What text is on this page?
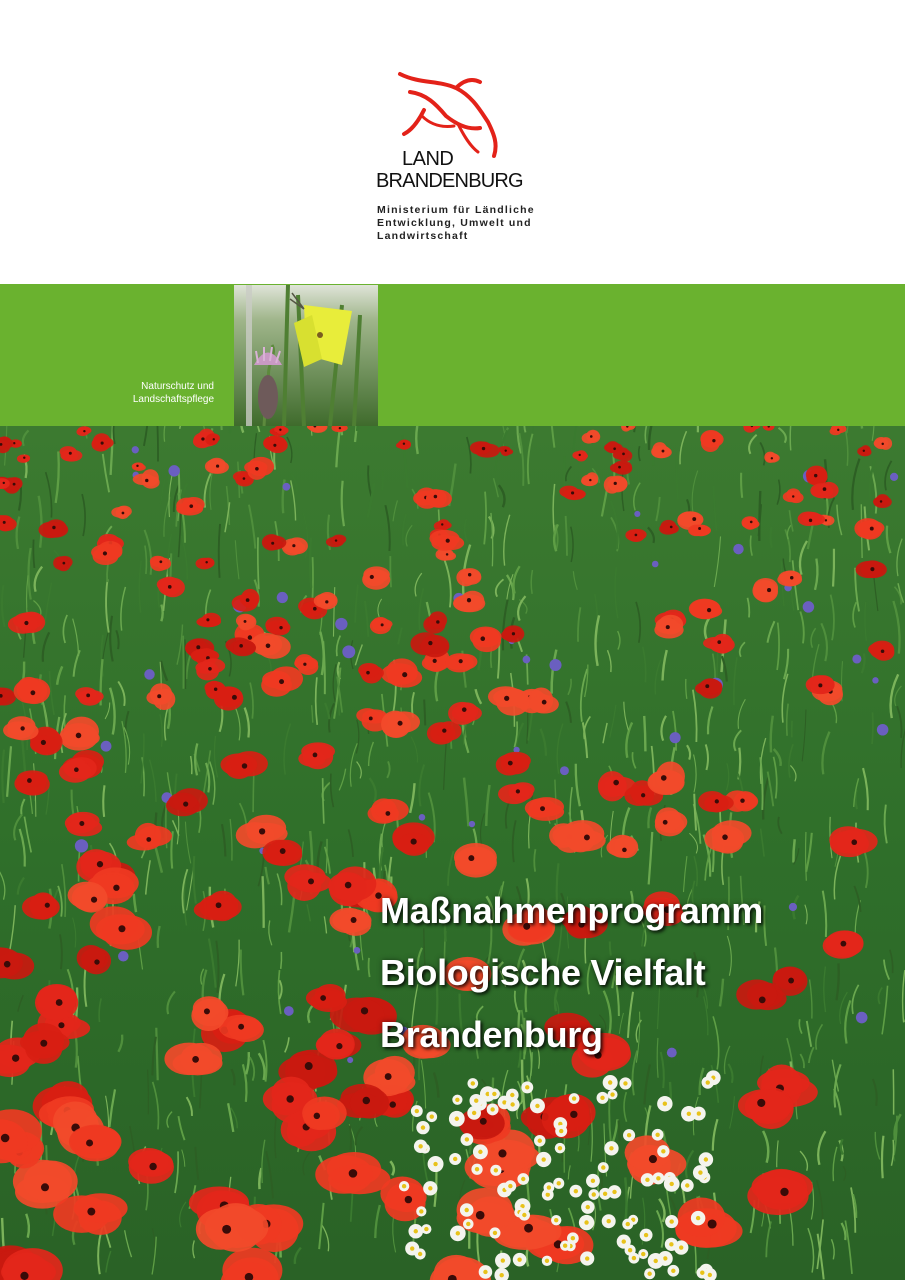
LAND
BRANDENBURG
Ministerium für Ländliche
Entwicklung, Umwelt und
Landwirtschaft
Naturschutz und
Landschaftspflege
Maßnahmenprogramm
Biologische Vielfalt
Brandenburg
